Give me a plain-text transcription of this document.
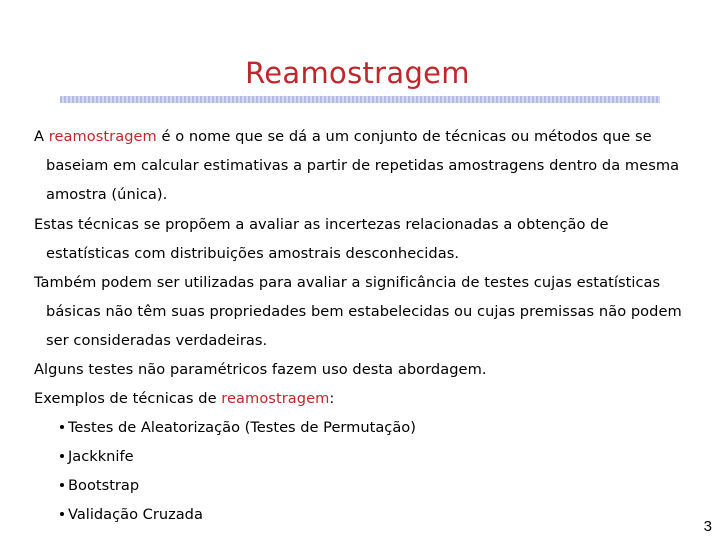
Reamostragem
A reamostragem é o nome que se dá a um conjunto de técnicas ou métodos que se
baseiam em calcular estimativas a partir de repetidas amostragens dentro da mesma
amostra (única).
Estas técnicas se propõem a avaliar as incertezas relacionadas a obtenção de
estatísticas com distribuições amostrais desconhecidas.
Também podem ser utilizadas para avaliar a significância de testes cujas estatísticas
básicas não têm suas propriedades bem estabelecidas ou cujas premissas não podem
ser consideradas verdadeiras.
Alguns testes não paramétricos fazem uso desta abordagem.
Exemplos de técnicas de reamostragem:
Testes de Aleatorização (Testes de Permutação)
Jackknife
Bootstrap
Validação Cruzada
3
